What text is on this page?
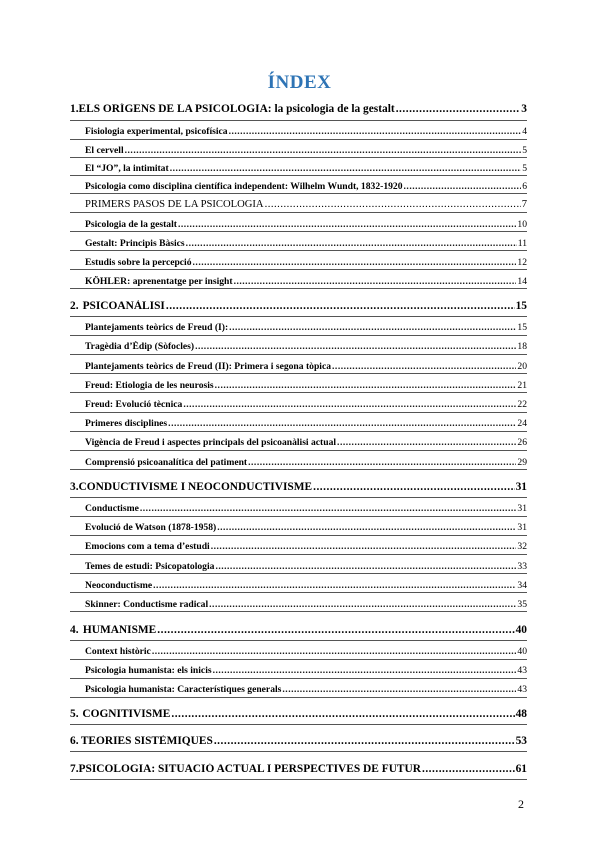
ÍNDEX
1. ELS ORÍGENS DE LA PSICOLOGIA: la psicologia de la gestalt .....	3
Fisiologia experimental, psicofísica .....	4
El cervell .....	5
El “JO”, la intimitat .....	5
Psicologia como disciplina científica independent: Wilhelm Wundt, 1832-1920 .....	6
PRIMERS PASOS DE LA PSICOLOGIA .....	7
Psicologia de la gestalt .....	10
Gestalt: Principis Bàsics .....	11
Estudis sobre la percepció .....	12
KÖHLER: aprenentatge per insight .....	14
2. PSICOANÀLISI .....	15
Plantejaments teòrics de Freud (I): .....	15
Tragèdia d’Èdip (Sòfocles) .....	18
Plantejaments teòrics de Freud (II): Primera i segona tòpica .....	20
Freud: Etiologia de les neurosis .....	21
Freud: Evolució tècnica .....	22
Primeres disciplines .....	24
Vigència de Freud i aspectes principals del psicoanàlisi actual .....	26
Comprensió psicoanalítica del patiment .....	29
3. CONDUCTIVISME I NEOCONDUCTIVISME .....	31
Conductisme .....	31
Evolució de Watson (1878-1958) .....	31
Emocions com a tema d’estudi .....	32
Temes de estudi: Psicopatologia .....	33
Neoconductisme .....	34
Skinner: Conductisme radical .....	35
4. HUMANISME .....	40
Context històric .....	40
Psicologia humanista: els inicis .....	43
Psicologia humanista: Característiques generals .....	43
5. COGNITIVISME .....	48
6. TEORIES SISTÈMIQUES .....	53
7. PSICOLOGIA: SITUACIÓ ACTUAL I PERSPECTIVES DE FUTUR .....	61
2
